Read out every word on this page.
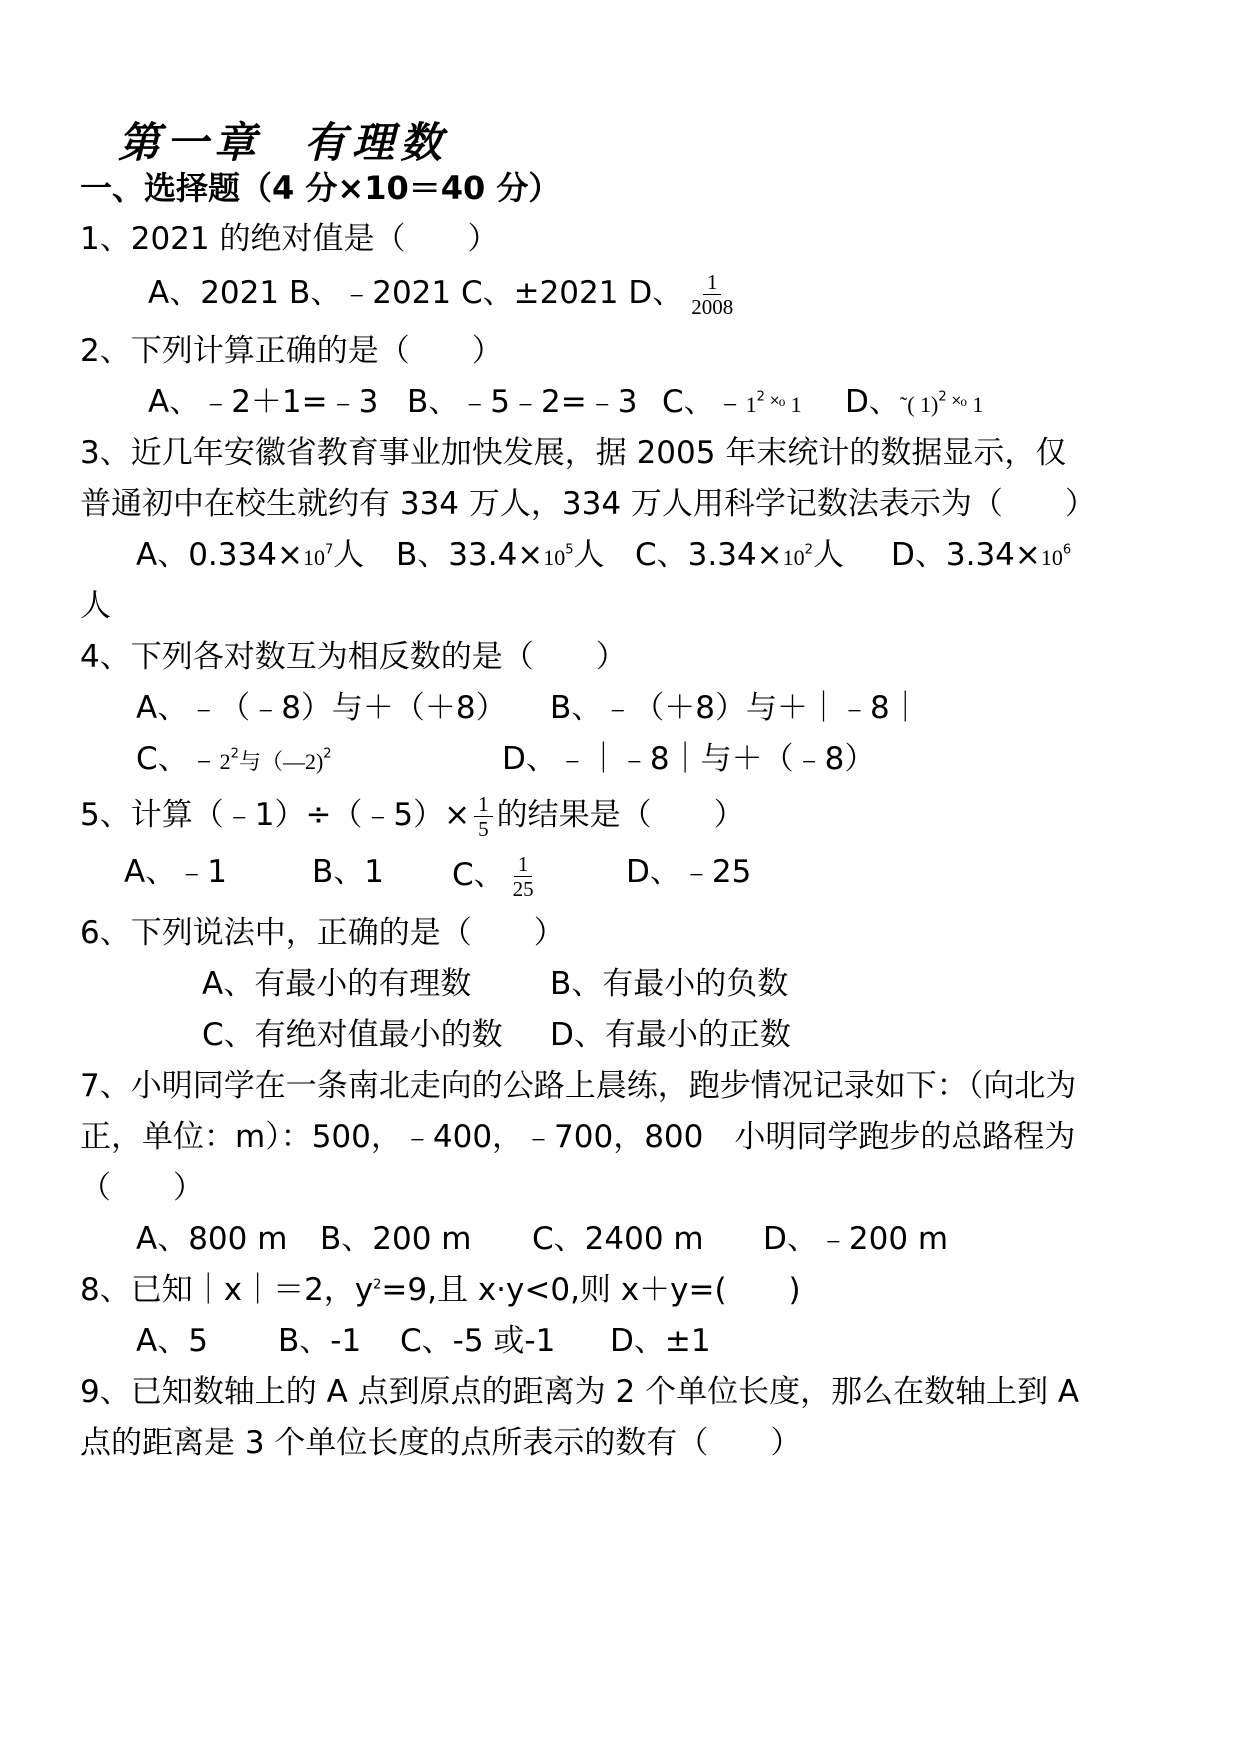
第一章 有理数
一、选择题（4 分×10＝40 分）
1、2021 的绝对值是（　　）
A、2021 B、﹣2021 C、±2021 D、 $\frac{1}{2008}$
2、下列计算正确的是（　　）
A、﹣2＋1=﹣3 B、﹣5﹣2=﹣3 C、$﹣1^2$ ˟ᵒ 1 D、˜( 1)$^2$ ˟ᵒ 1
3、近几年安徽省教育事业加快发展，据 2005 年末统计的数据显示，仅
普通初中在校生就约有 334 万人，334 万人用科学记数法表示为（　　）
A、$0.334\times 10^7$人 B、$33.4\times 10^5$人 C、$3.34\times 10^2$人 D、$3.34\times 10^6$
人
4、下列各对数互为相反数的是（　　）
A、﹣（﹣8）与＋（＋8） B、﹣（＋8）与＋｜﹣8｜
C、$﹣2^2$与（—2)$^2$	D、﹣｜﹣8｜与＋（﹣8）
5、计算（﹣1）÷（﹣5）× $\frac{1}{5}$ 的结果是（　　）
A、﹣1	B、1 C、 $\frac{1}{25}$	D、﹣25
6、下列说法中，正确的是（　　）
A、有最小的有理数	B、有最小的负数
C、有绝对值最小的数 D、有最小的正数
7、小明同学在一条南北走向的公路上晨练，跑步情况记录如下：（向北为
正，单位：m）：500，﹣400，﹣700，800　小明同学跑步的总路程为
（　　）
A、800 m B、200 m C、2400 m D、﹣200 m
8、已知｜x｜＝2，$y^2=9$,且 x·y<0,则 x＋y=(　　)
A、5 B、-1 C、-5 或-1 D、±1
9、已知数轴上的 A 点到原点的距离为 2 个单位长度，那么在数轴上到 A
点的距离是 3 个单位长度的点所表示的数有（　　）
